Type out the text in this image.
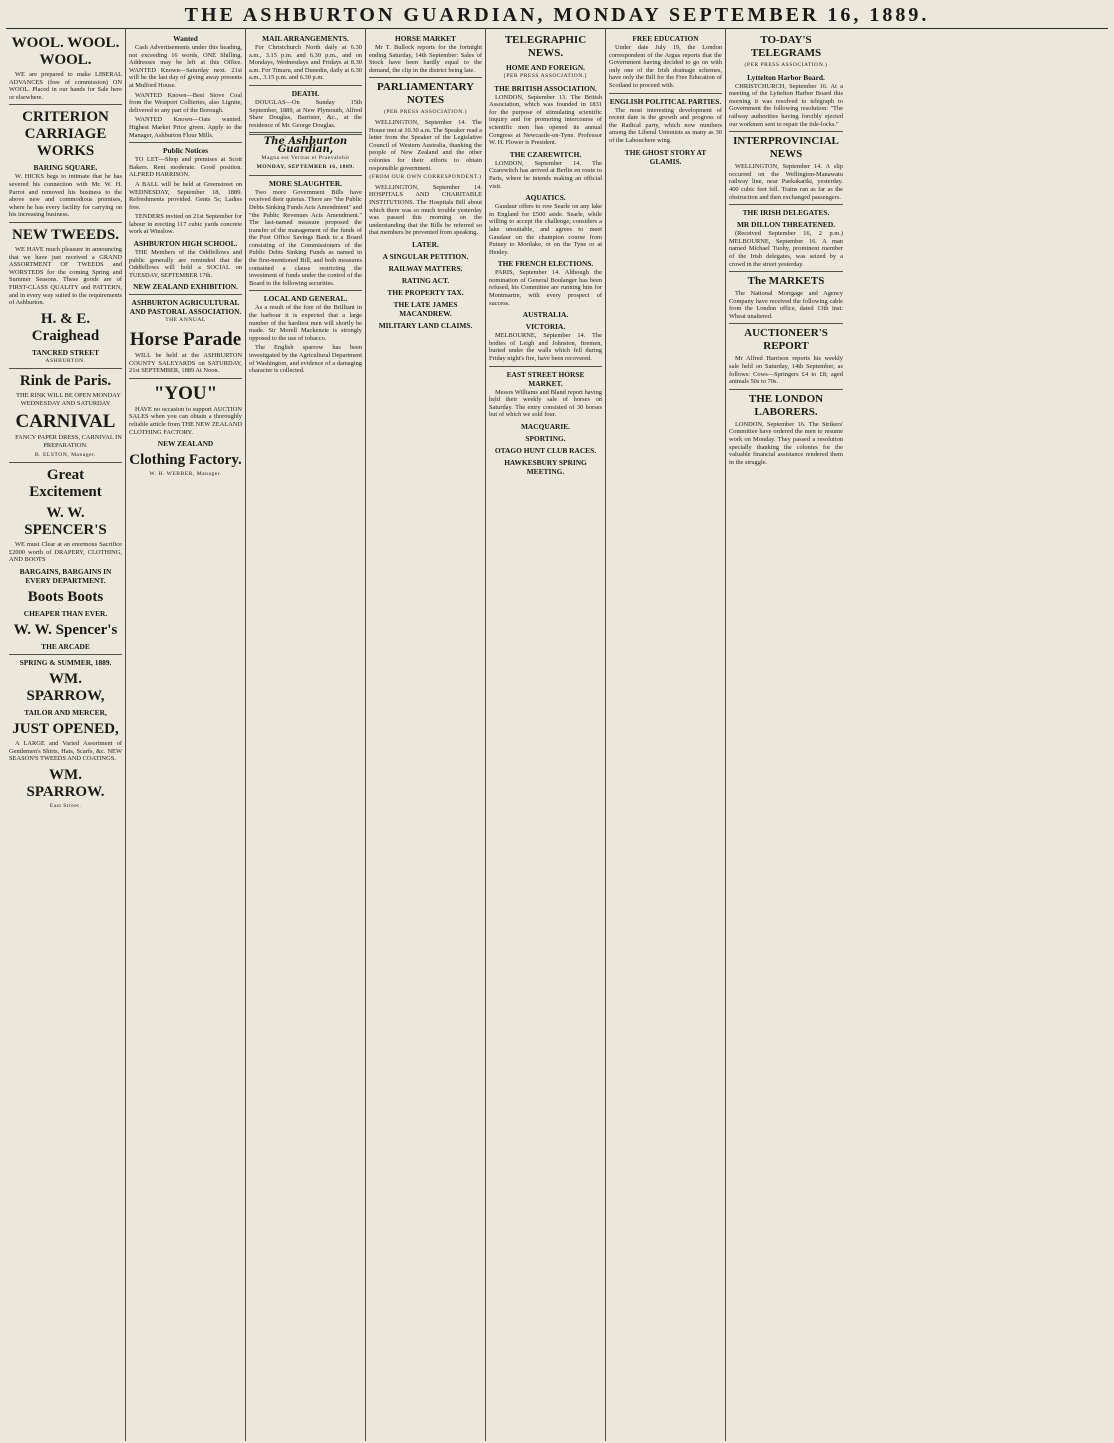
THE ASHBURTON GUARDIAN, MONDAY SEPTEMBER 16, 1889.
WOOL. WOOL. WOOL.

WE are prepared to make LIBERAL ADVANCES (free of commission) ON WOOL. Placed in our hands for Sale here or elsewhere.

CRITERION CARRIAGE WORKS
BARING SQUARE.

W. HICKS begs to intimate that he has severed his connection with Mr. W. H. Parrot and removed his business to the above new and commodious premises, where he has every facility for carrying on his increasing business.

NEW TWEEDS.

WE HAVE much pleasure in announcing that we have just received a GRAND ASSORTMENT OF TWEEDS and WORSTEDS for the coming Spring and Summer Seasons. These goods are of FIRST-CLASS QUALITY and PATTERN, and in every way suited to the requirements of Ashburton.

H. & E. Craighead
TANCRED STREET
ASHBURTON.
Rink de Paris.

THE RINK WILL BE OPEN MONDAY WEDNESDAY AND SATURDAY

CARNIVAL

FANCY PAPER DRESS, CARNIVAL IN PREPARATION.

B. ELSTON, Manager.
Great Excitement
W. W. SPENCER'S

WE must Clear at an enormous Sacrifice £2000 worth of DRAPERY, CLOTHING, AND BOOTS

BARGAINS, BARGAINS IN EVERY DEPARTMENT.
Boots Boots
CHEAPER THAN EVER.
W. W. Spencer's
THE ARCADE
SPRING & SUMMER, 1889.
WM. SPARROW,
TAILOR AND MERCER,
JUST OPENED,

A LARGE and Varied Assortment of Gentlemen's Shirts, Hats, Scarfs, &c. NEW SEASON'S TWEEDS AND COATINGS.

WM. SPARROW.
East Street.
Wanted

Cash Advertisements under this heading, not exceeding 16 words, ONE Shilling. Addresses may be left at this Office. WANTED Known—Saturday next. 21st will be the last day of giving away presents at Mulford House.

WANTED Known—Best Stove Coal from the Westport Collieries, also Lignite, delivered to any part of the Borough.

WANTED Known—Oats wanted. Highest Market Price given. Apply to the Manager, Ashburton Flour Mills.

Public Notices

TO LET—Shop and premises at Scott Bakers. Rent moderate. Good position. ALFRED HARRISON.

A BALL will be held at Greenstreet on WEDNESDAY, September 18, 1889. Refreshments provided. Gents 5s; Ladies free.

TENDERS invited on 21st September for labour in erecting 117 cubic yards concrete work at Winslow.

ASHBURTON HIGH SCHOOL.

THE Members of the Oddfellows and public generally are reminded that the Oddfellows will hold a SOCIAL on TUESDAY, SEPTEMBER 17th.

NEW ZEALAND EXHIBITION.
ASHBURTON AGRICULTURAL AND PASTORAL ASSOCIATION.
THE ANNUAL
Horse Parade

WILL be held at the ASHBURTON COUNTY SALEYARDS on SATURDAY, 21st SEPTEMBER, 1889 At Noon.

"YOU"

HAVE no occasion to support AUCTION SALES when you can obtain a thoroughly reliable article from THE NEW ZEALAND CLOTHING FACTORY.

NEW ZEALAND
Clothing Factory.
W. H. WEBBER, Manager.
MAIL ARRANGEMENTS.

For Christchurch North daily at 6.30 a.m., 3.15 p.m. and 6.30 p.m., and on Mondays, Wednesdays and Fridays at 8.30 a.m. For Timaru, and Dunedin, daily at 6.30 a.m., 3.15 p.m. and 6.30 p.m.

DEATH.

DOUGLAS—On Sunday 15th September, 1889, at New Plymouth, Alfred Shaw Douglas, Barrister, &c., at the residence of Mr. George Douglas.

The Ashburton Guardian,
Magna est Veritas et Praevalebit
MONDAY, SEPTEMBER 16, 1889.
MORE SLAUGHTER.

Two more Government Bills have received their quietus. There are "the Public Debts Sinking Funds Acts Amendment" and "the Public Revenues Acts Amendment." The last-named measure proposed the transfer of the management of the funds of the Post Office Savings Bank to a Board consisting of the Commissioners of the Public Debts Sinking Funds as named in the first-mentioned Bill, and both measures contained a clause restricting the investment of funds under the control of the Board to the following securities.

LOCAL AND GENERAL.

As a result of the fore of the Brilliant in the harbour it is expected that a large number of the hardiest men will shortly be made. Sir Morell Mackenzie is strongly opposed to the use of tobacco.

The English sparrow has been investigated by the Agricultural Department of Washington, and evidence of a damaging character is collected.

HORSE MARKET

Mr T. Bullock reports for the fortnight ending Saturday, 14th September: Sales of Stock have been hardly equal to the demand, the clip in the district being late.

PARLIAMENTARY NOTES
(PER PRESS ASSOCIATION.)

WELLINGTON, September 14. The House met at 10.30 a.m. The Speaker read a letter from the Speaker of the Legislative Council of Western Australia, thanking the people of New Zealand and the other colonies for their efforts to obtain responsible government.

(FROM OUR OWN CORRESPONDENT.)

WELLINGTON, September 14. HOSPITALS AND CHARITABLE INSTITUTIONS. The Hospitals Bill about which there was so much trouble yesterday was passed this morning on the understanding that the Bills be referred so that members be prevented from speaking.

LATER.
A SINGULAR PETITION.
RAILWAY MATTERS.
RATING ACT.
THE PROPERTY TAX.
THE LATE JAMES MACANDREW.
MILITARY LAND CLAIMS.
TELEGRAPHIC NEWS.
HOME AND FOREIGN.
[PER PRESS ASSOCIATION.]
THE BRITISH ASSOCIATION.

LONDON, September 13. The British Association, which was founded in 1831 for the purpose of stimulating scientific inquiry and for promoting intercourse of scientific men has opened its annual Congress at Newcastle-on-Tyne. Professor W. H. Flower is President.

THE CZAREWITCH.

LONDON, September 14. The Czarewitch has arrived at Berlin en route to Paris, where he intends making an official visit.

AQUATICS.

Gaudaur offers to row Searle on any lake in England for £500 aside. Searle, while willing to accept the challenge, considers a lake unsuitable, and agrees to meet Gaudaur on the champion course from Putney to Mortlake, or on the Tyne or at Henley.

THE FRENCH ELECTIONS.

PARIS, September 14. Although the nomination of General Boulanger has been refused, his Committee are running him for Montmartre, with every prospect of success.

AUSTRALIA.
VICTORIA.

MELBOURNE, September 14. The bodies of Leigh and Johnston, firemen, buried under the walls which fell during Friday night's fire, have been recovered.

EAST STREET HORSE MARKET.

Messrs Williams and Bland report having held their weekly sale of horses on Saturday. The entry consisted of 30 horses but of which we sold four.

MACQUARIE.
SPORTING.
OTAGO HUNT CLUB RACES.
HAWKESBURY SPRING MEETING.
FREE EDUCATION

Under date July 19, the London correspondent of the Argus reports that the Government having decided to go on with only one of the Irish drainage schemes, have only the Bill for the Free Education of Scotland to proceed with.

ENGLISH POLITICAL PARTIES.

The most interesting development of recent date is the growth and progress of the Radical party, which now numbers among the Liberal Unionists as many as 30 of the Labouchere wing.

THE GHOST STORY AT GLAMIS.
TO-DAY'S TELEGRAMS
(PER PRESS ASSOCIATION.)
Lyttelton Harbor Board.

CHRISTCHURCH, September 16. At a meeting of the Lyttelton Harbor Board this morning it was resolved to telegraph to Government the following resolution: "The railway authorities having forcibly ejected our workmen sent to repair the tide-locks."

INTERPROVINCIAL NEWS

WELLINGTON, September 14. A slip occurred on the Wellington-Manawatu railway line, near Paekakariki, yesterday. 400 cubic feet fell. Trains ran as far as the obstruction and then exchanged passengers.

THE IRISH DELEGATES.
MR DILLON THREATENED.

(Received September 16, 2 p.m.) MELBOURNE, September 16. A man named Michael Tuohy, prominent member of the Irish delegates, was seized by a crowd in the street yesterday.

The MARKETS

The National Mortgage and Agency Company have received the following cable from the London office, dated 13th inst: Wheat unaltered.

AUCTIONEER'S REPORT

Mr Alfred Harrison reports his weekly sale held on Saturday, 14th September, as follows: Cows—Springers £4 to £8; aged animals 50s to 70s.

THE LONDON LABORERS.

LONDON, September 16. The Strikers' Committee have ordered the men to resume work on Monday. They passed a resolution specially thanking the colonies for the valuable financial assistance rendered them in the struggle.
